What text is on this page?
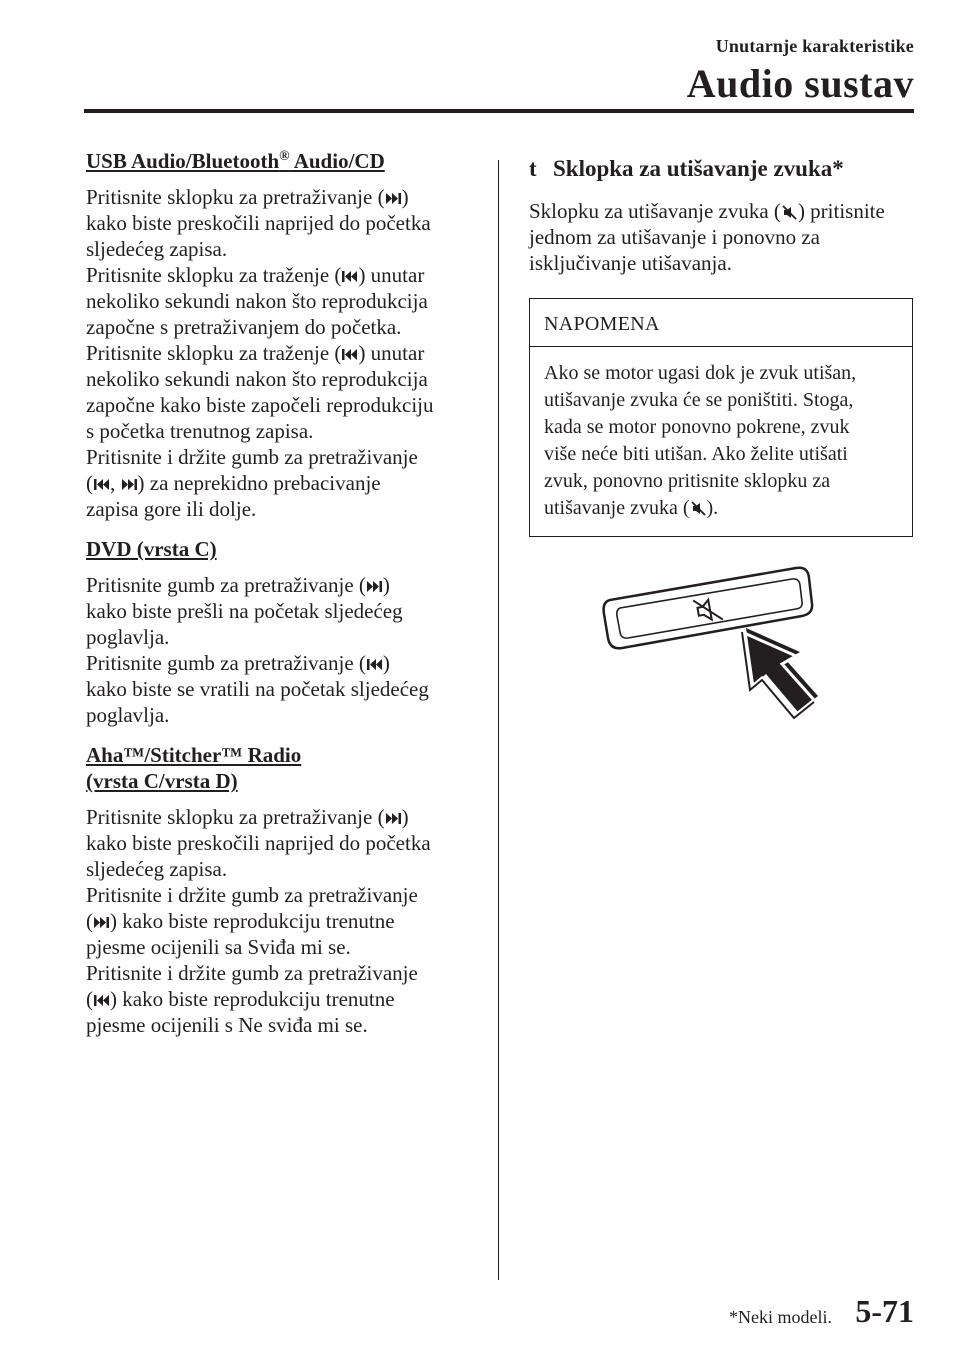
Unutarnje karakteristike
Audio sustav
USB Audio/Bluetooth® Audio/CD
Pritisnite sklopku za pretraživanje ( )
kako biste preskočili naprijed do početka
sljedećeg zapisa.
Pritisnite sklopku za traženje ( ) unutar
nekoliko sekundi nakon što reprodukcija
započne s pretraživanjem do početka.
Pritisnite sklopku za traženje ( ) unutar
nekoliko sekundi nakon što reprodukcija
započne kako biste započeli reprodukciju
s početka trenutnog zapisa.
Pritisnite i držite gumb za pretraživanje
( ,
) za neprekidno prebacivanje
zapisa gore ili dolje.
DVD (vrsta C)
Pritisnite gumb za pretraživanje ( )
kako biste prešli na početak sljedećeg
poglavlja.
Pritisnite gumb za pretraživanje ( )
kako biste se vratili na početak sljedećeg
poglavlja.
Aha™/Stitcher™ Radio
(vrsta C/vrsta D)
Pritisnite sklopku za pretraživanje ( )
kako biste preskočili naprijed do početka
sljedećeg zapisa.
Pritisnite i držite gumb za pretraživanje
( ) kako biste reprodukciju trenutne
pjesme ocijenili sa Sviđa mi se.
Pritisnite i držite gumb za pretraživanje
( ) kako biste reprodukciju trenutne
pjesme ocijenili s Ne sviđa mi se.
t Sklopka za utišavanje zvuka*
Sklopku za utišavanje zvuka ( ) pritisnite
jednom za utišavanje i ponovno za
isključivanje utišavanja.
NAPOMENA
Ako se motor ugasi dok je zvuk utišan,
utišavanje zvuka će se poništiti. Stoga,
kada se motor ponovno pokrene, zvuk
više neće biti utišan. Ako želite utišati
zvuk, ponovno pritisnite sklopku za
utišavanje zvuka ( ).
*Neki modeli. 5-71
